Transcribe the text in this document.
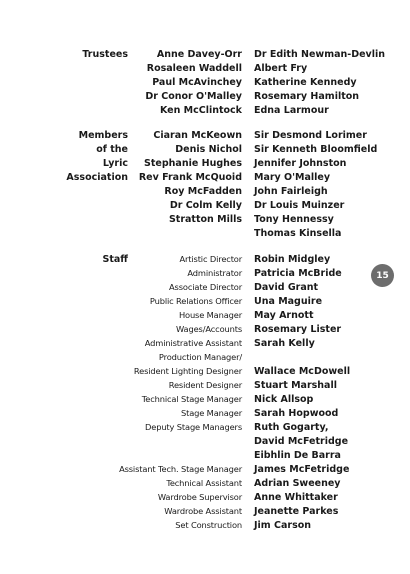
Trustees	Anne Davey-Orr
Rosaleen Waddell
Paul McAvinchey
Dr Conor O'Malley
Ken McClintock
Dr Edith Newman-Devlin
Albert Fry
Katherine Kennedy
Rosemary Hamilton
Edna Larmour
Members
of the
Lyric
Association
Ciaran McKeown
Denis Nichol
Stephanie Hughes
Rev Frank McQuoid
Roy McFadden
Dr Colm Kelly
Stratton Mills
Sir Desmond Lorimer
Sir Kenneth Bloomfield
Jennifer Johnston
Mary O'Malley
John Fairleigh
Dr Louis Muinzer
Tony Hennessy
Thomas Kinsella
Staff	Artistic Director
Administrator
Associate Director
Public Relations Officer
House Manager
Wages/Accounts
Administrative Assistant
Production Manager/
Resident Lighting Designer
Resident Designer
Technical Stage Manager
Stage Manager
Deputy Stage Managers
Assistant Tech. Stage Manager
Technical Assistant
Wardrobe Supervisor
Wardrobe Assistant
Set Construction
Robin Midgley
Patricia McBride
David Grant
Una Maguire
May Arnott
Rosemary Lister
Sarah Kelly
Wallace McDowell
Stuart Marshall
Nick Allsop
Sarah Hopwood
Ruth Gogarty,
David McFetridge
Eibhlin De Barra
James McFetridge
Adrian Sweeney
Anne Whittaker
Jeanette Parkes
Jim Carson
15
